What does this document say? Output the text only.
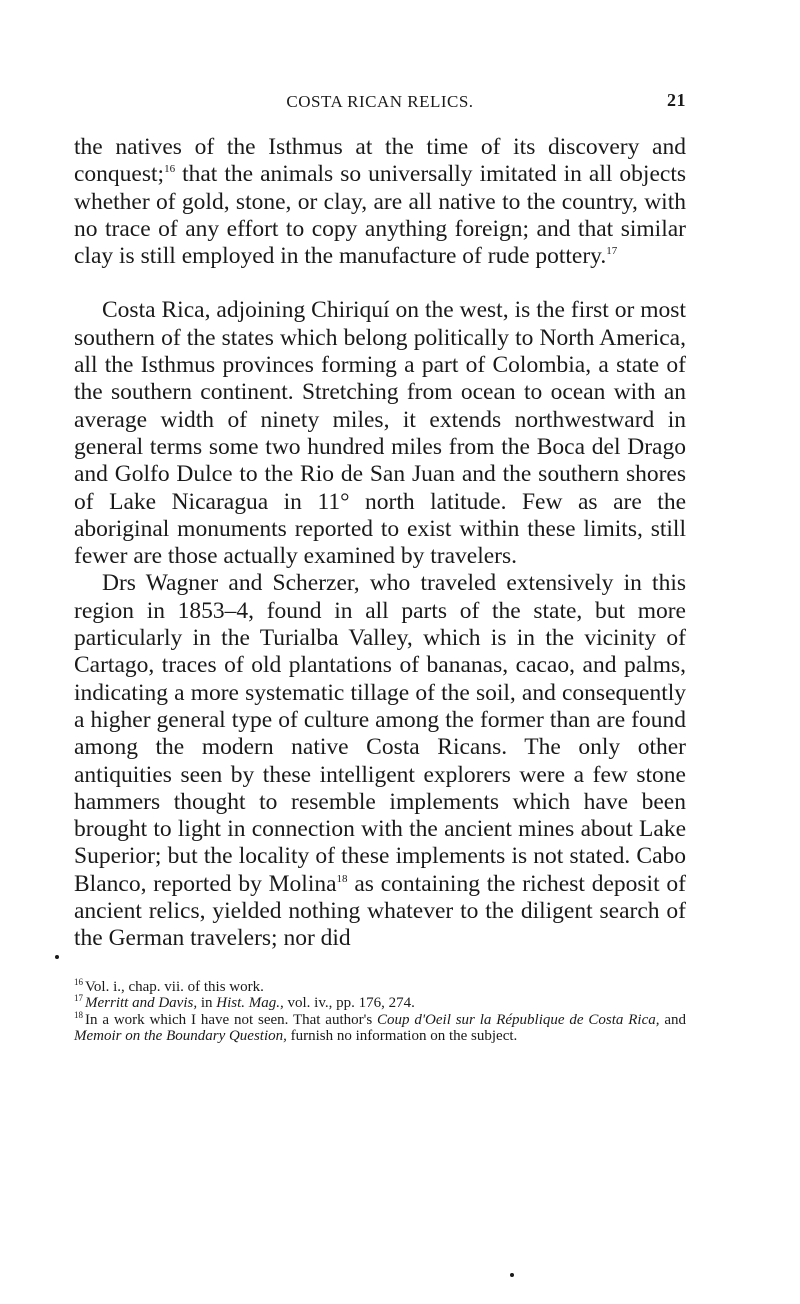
COSTA RICAN RELICS.	21

the natives of the Isthmus at the time of its discovery and conquest;$^{16}$ that the animals so universally imitated in all objects whether of gold, stone, or clay, are all native to the country, with no trace of any effort to copy anything foreign; and that similar clay is still employed in the manufacture of rude pottery.$^{17}$

Costa Rica, adjoining Chiriquí on the west, is the first or most southern of the states which belong politically to North America, all the Isthmus provinces forming a part of Colombia, a state of the southern continent. Stretching from ocean to ocean with an average width of ninety miles, it extends northwestward in general terms some two hundred miles from the Boca del Drago and Golfo Dulce to the Rio de San Juan and the southern shores of Lake Nicaragua in 11° north latitude. Few as are the aboriginal monuments reported to exist within these limits, still fewer are those actually examined by travelers.

Drs Wagner and Scherzer, who traveled extensively in this region in 1853–4, found in all parts of the state, but more particularly in the Turialba Valley, which is in the vicinity of Cartago, traces of old plantations of bananas, cacao, and palms, indicating a more systematic tillage of the soil, and consequently a higher general type of culture among the former than are found among the modern native Costa Ricans. The only other antiquities seen by these intelligent explorers were a few stone hammers thought to resemble implements which have been brought to light in connection with the ancient mines about Lake Superior; but the locality of these implements is not stated. Cabo Blanco, reported by Molina$^{18}$ as containing the richest deposit of ancient relics, yielded nothing whatever to the diligent search of the German travelers; nor did

$^{16}$ Vol. i., chap. vii. of this work.

$^{17}$ Merritt and Davis, in Hist. Mag., vol. iv., pp. 176, 274.

$^{18}$ In a work which I have not seen. That author's Coup d'Oeil sur la République de Costa Rica, and Memoir on the Boundary Question, furnish no information on the subject.
